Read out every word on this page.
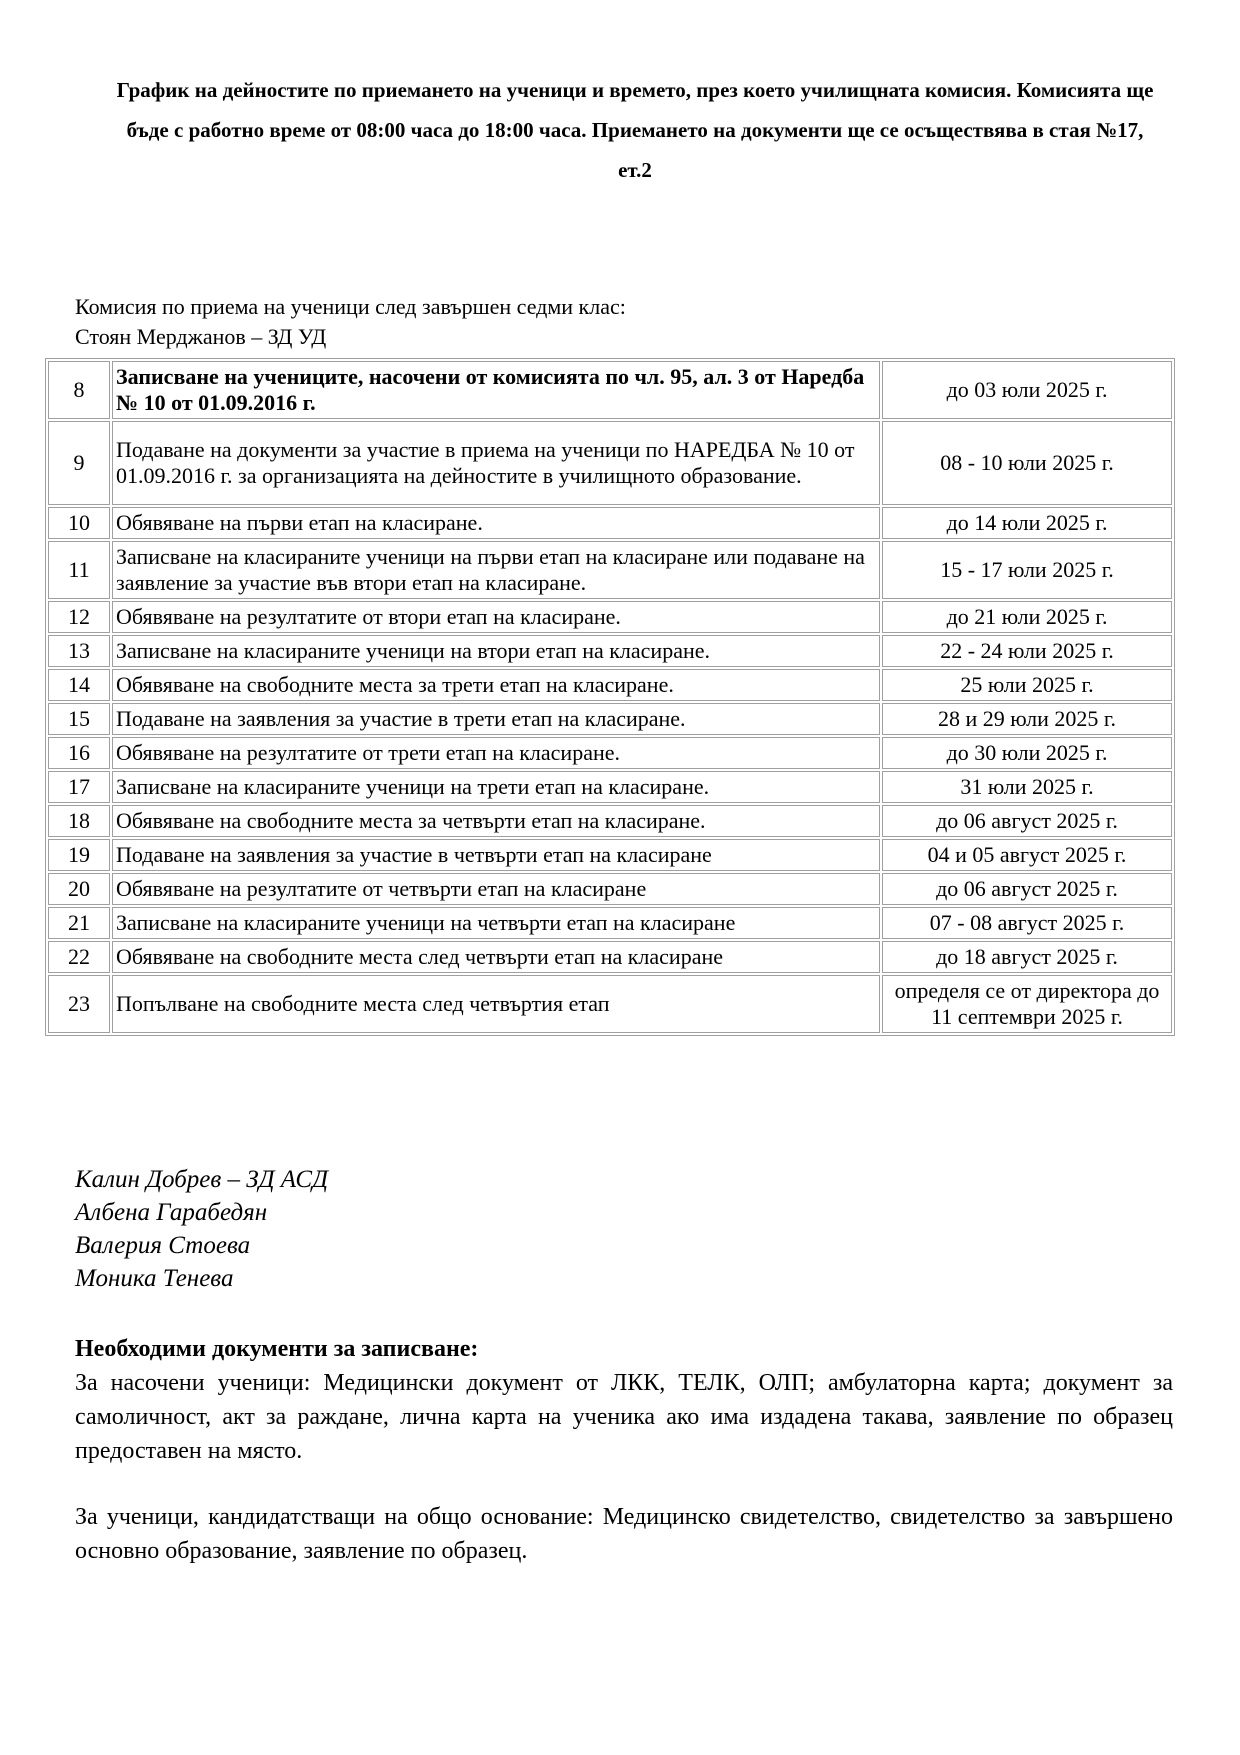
График на дейностите по приемането на ученици и времето, през което училищната комисия. Комисията ще бъде с работно време от 08:00 часа до 18:00 часа. Приемането на документи ще се осъществява в стая №17, ет.2
Комисия по приема на ученици след завършен седми клас:
Стоян Мерджанов – ЗД УД
8	Записване на учениците, насочени от комисията по чл. 95, ал. 3 от Наредба № 10 от 01.09.2016 г.	до 03 юли 2025 г.
9	Подаване на документи за участие в приема на ученици по НАРЕДБА № 10 от 01.09.2016 г. за организацията на дейностите в училищното образование.	08 - 10 юли 2025 г.
10	Обявяване на първи етап на класиране.	до 14 юли 2025 г.
11	Записване на класираните ученици на първи етап на класиране или подаване на заявление за участие във втори етап на класиране.	15 - 17 юли 2025 г.
12	Обявяване на резултатите от втори етап на класиране.	до 21 юли 2025 г.
13	Записване на класираните ученици на втори етап на класиране.	22 - 24 юли 2025 г.
14	Обявяване на свободните места за трети етап на класиране.	25 юли 2025 г.
15	Подаване на заявления за участие в трети етап на класиране.	28 и 29 юли 2025 г.
16	Обявяване на резултатите от трети етап на класиране.	до 30 юли 2025 г.
17	Записване на класираните ученици на трети етап на класиране.	31 юли 2025 г.
18	Обявяване на свободните места за четвърти етап на класиране.	до 06 август 2025 г.
19	Подаване на заявления за участие в четвърти етап на класиране	04 и 05 август 2025 г.
20	Обявяване на резултатите от четвърти етап на класиране	до 06 август 2025 г.
21	Записване на класираните ученици на четвърти етап на класиране	07 - 08 август 2025 г.
22	Обявяване на свободните места след четвърти етап на класиране	до 18 август 2025 г.
23	Попълване на свободните места след четвъртия етап	определя се от директора до 11 септември 2025 г.
Калин Добрев – ЗД АСД
Албена Гарабедян
Валерия Стоева
Моника Тенева
Необходими документи за записване:

За насочени ученици: Медицински документ от ЛКК, ТЕЛК, ОЛП; амбулаторна карта; документ за самоличност, акт за раждане, лична карта на ученика ако има издадена такава, заявление по образец предоставен на място.

За ученици, кандидатстващи на общо основание: Медицинско свидетелство, свидетелство за завършено основно образование, заявление по образец.
